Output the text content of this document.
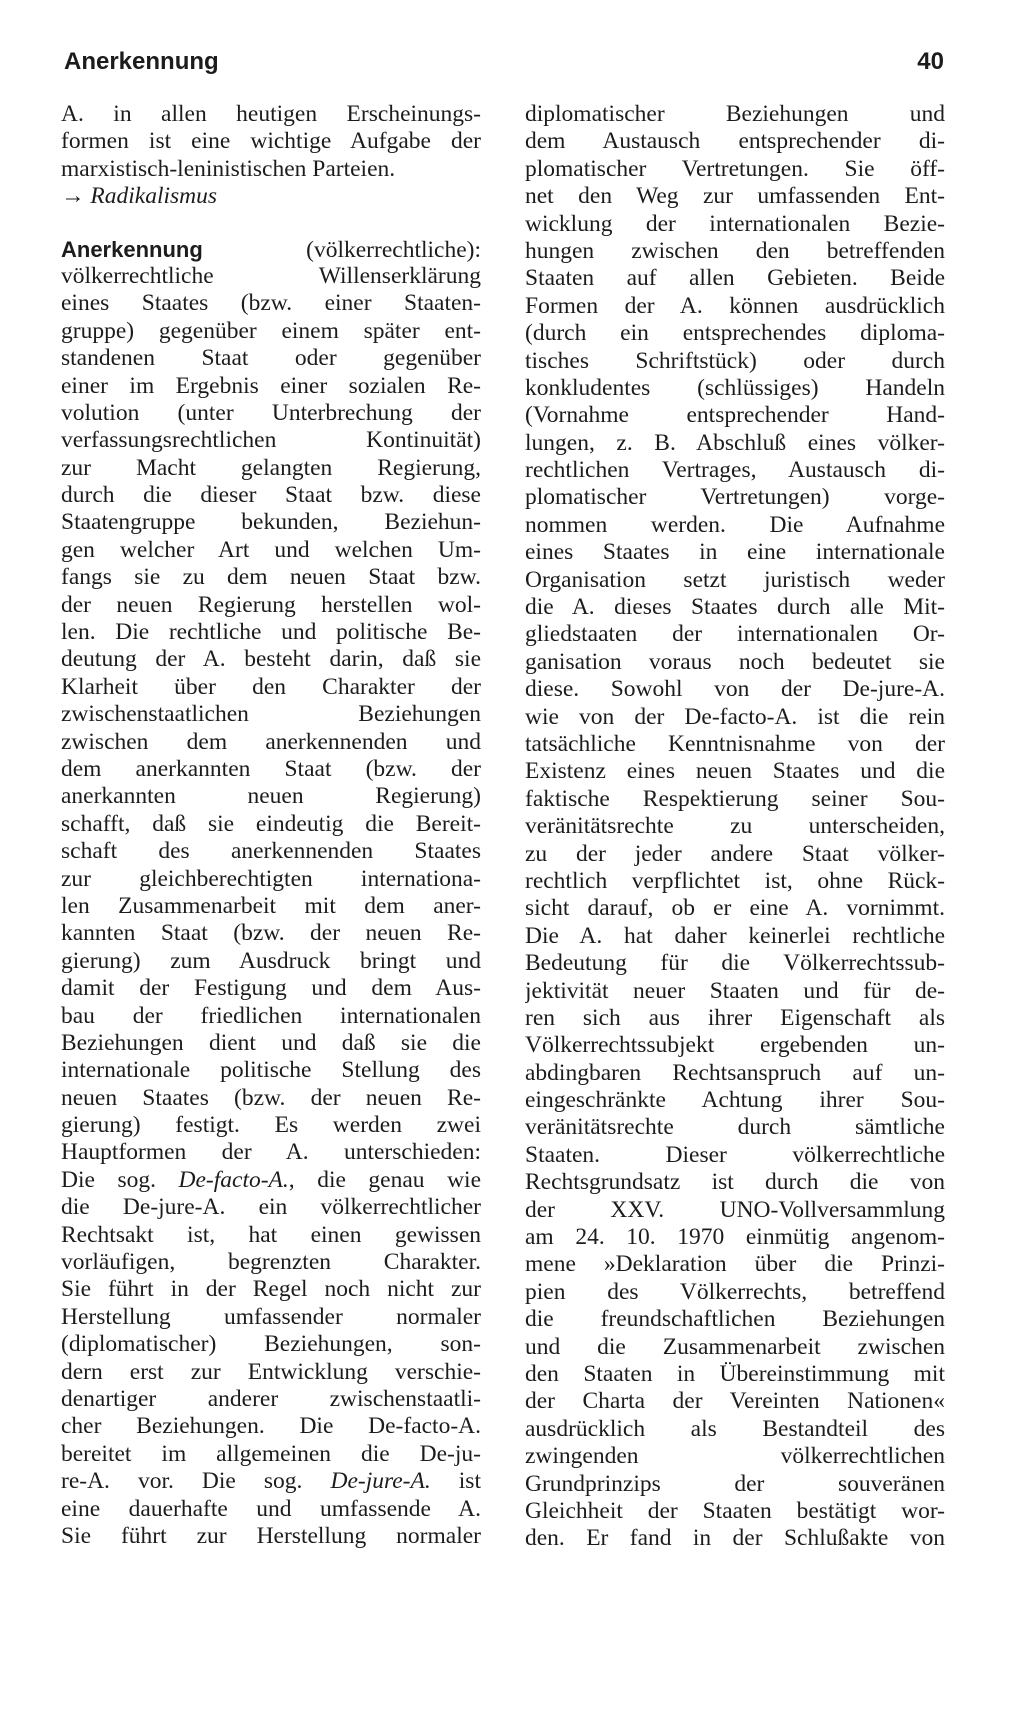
Anerkennung	40
A. in allen heutigen Erscheinungs-
formen ist eine wichtige Aufgabe der
marxistisch-leninistischen Parteien.
→ Radikalismus
Anerkennung (völkerrechtliche):
völkerrechtliche Willenserklärung
eines Staates (bzw. einer Staaten-
gruppe) gegenüber einem später ent-
standenen Staat oder gegenüber
einer im Ergebnis einer sozialen Re-
volution (unter Unterbrechung der
verfassungsrechtlichen Kontinuität)
zur Macht gelangten Regierung,
durch die dieser Staat bzw. diese
Staatengruppe bekunden, Beziehun-
gen welcher Art und welchen Um-
fangs sie zu dem neuen Staat bzw.
der neuen Regierung herstellen wol-
len. Die rechtliche und politische Be-
deutung der A. besteht darin, daß sie
Klarheit über den Charakter der
zwischenstaatlichen Beziehungen
zwischen dem anerkennenden und
dem anerkannten Staat (bzw. der
anerkannten neuen Regierung)
schafft, daß sie eindeutig die Bereit-
schaft des anerkennenden Staates
zur gleichberechtigten internationa-
len Zusammenarbeit mit dem aner-
kannten Staat (bzw. der neuen Re-
gierung) zum Ausdruck bringt und
damit der Festigung und dem Aus-
bau der friedlichen internationalen
Beziehungen dient und daß sie die
internationale politische Stellung des
neuen Staates (bzw. der neuen Re-
gierung) festigt. Es werden zwei
Hauptformen der A. unterschieden:
Die sog. De-facto-A., die genau wie
die De-jure-A. ein völkerrechtlicher
Rechtsakt ist, hat einen gewissen
vorläufigen, begrenzten Charakter.
Sie führt in der Regel noch nicht zur
Herstellung umfassender normaler
(diplomatischer) Beziehungen, son-
dern erst zur Entwicklung verschie-
denartiger anderer zwischenstaatli-
cher Beziehungen. Die De-facto-A.
bereitet im allgemeinen die De-ju-
re-A. vor. Die sog. De-jure-A. ist
eine dauerhafte und umfassende A.
Sie führt zur Herstellung normaler
diplomatischer Beziehungen und
dem Austausch entsprechender di-
plomatischer Vertretungen. Sie öff-
net den Weg zur umfassenden Ent-
wicklung der internationalen Bezie-
hungen zwischen den betreffenden
Staaten auf allen Gebieten. Beide
Formen der A. können ausdrücklich
(durch ein entsprechendes diploma-
tisches Schriftstück) oder durch
konkludentes (schlüssiges) Handeln
(Vornahme entsprechender Hand-
lungen, z. B. Abschluß eines völker-
rechtlichen Vertrages, Austausch di-
plomatischer Vertretungen) vorge-
nommen werden. Die Aufnahme
eines Staates in eine internationale
Organisation setzt juristisch weder
die A. dieses Staates durch alle Mit-
gliedstaaten der internationalen Or-
ganisation voraus noch bedeutet sie
diese. Sowohl von der De-jure-A.
wie von der De-facto-A. ist die rein
tatsächliche Kenntnisnahme von der
Existenz eines neuen Staates und die
faktische Respektierung seiner Sou-
veränitätsrechte zu unterscheiden,
zu der jeder andere Staat völker-
rechtlich verpflichtet ist, ohne Rück-
sicht darauf, ob er eine A. vornimmt.
Die A. hat daher keinerlei rechtliche
Bedeutung für die Völkerrechtssub-
jektivität neuer Staaten und für de-
ren sich aus ihrer Eigenschaft als
Völkerrechtssubjekt ergebenden un-
abdingbaren Rechtsanspruch auf un-
eingeschränkte Achtung ihrer Sou-
veränitätsrechte durch sämtliche
Staaten. Dieser völkerrechtliche
Rechtsgrundsatz ist durch die von
der XXV. UNO-Vollversammlung
am 24. 10. 1970 einmütig angenom-
mene »Deklaration über die Prinzi-
pien des Völkerrechts, betreffend
die freundschaftlichen Beziehungen
und die Zusammenarbeit zwischen
den Staaten in Übereinstimmung mit
der Charta der Vereinten Nationen«
ausdrücklich als Bestandteil des
zwingenden völkerrechtlichen
Grundprinzips der souveränen
Gleichheit der Staaten bestätigt wor-
den. Er fand in der Schlußakte von
